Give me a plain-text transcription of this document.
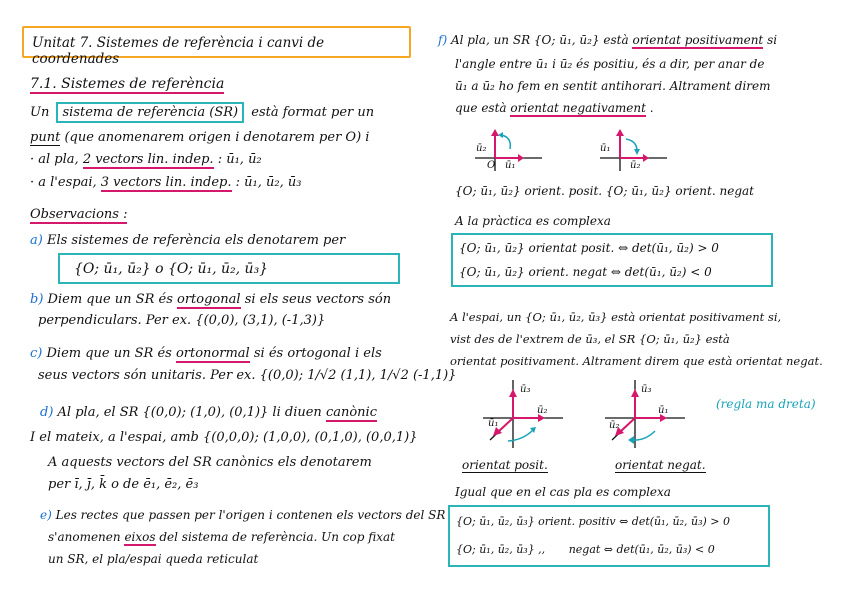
Unitat 7. Sistemes de referència i canvi de coordenades
7.1. Sistemes de referència
Un sistema de referència (SR) està format per un
punt (que anomenarem origen i denotarem per O) i
· al pla, 2 vectors lin. indep. : ū₁, ū₂
· a l'espai, 3 vectors lin. indep. : ū₁, ū₂, ū₃
Observacions :
a) Els sistemes de referència els denotarem per
{O; ū₁, ū₂} o {O; ū₁, ū₂, ū₃}
b) Diem que un SR és ortogonal si els seus vectors són
perpendiculars. Per ex. {(0,0), (3,1), (-1,3)}
c) Diem que un SR és ortonormal si és ortogonal i els
seus vectors són unitaris. Per ex. {(0,0); 1/√2 (1,1), 1/√2 (-1,1)}
d) Al pla, el SR {(0,0); (1,0), (0,1)} li diuen canònic
I el mateix, a l'espai, amb {(0,0,0); (1,0,0), (0,1,0), (0,0,1)}
A aquests vectors del SR canònics els denotarem
per ī, j̄, k̄ o de ē₁, ē₂, ē₃
e) Les rectes que passen per l'origen i contenen els vectors del SR
s'anomenen eixos del sistema de referència. Un cop fixat
un SR, el pla/espai queda reticulat
f) Al pla, un SR {O; ū₁, ū₂} està orientat positivament si
l'angle entre ū₁ i ū₂ és positiu, és a dir, per anar de
ū₁ a ū₂ ho fem en sentit antihorari. Altrament direm
que està orientat negativament .
ū₂
ū₁
O
ū₁
ū₂
{O; ū₁, ū₂} orient. posit. {O; ū₁, ū₂} orient. negat
A la pràctica es complexa
{O; ū₁, ū₂} orientat posit. ⇔ det(ū₁, ū₂) > 0
{O; ū₁, ū₂} orient. negat ⇔ det(ū₁, ū₂) < 0
A l'espai, un {O; ū₁, ū₂, ū₃} està orientat positivament si,
vist des de l'extrem de ū₃, el SR {O; ū₁, ū₂} està
orientat positivament. Altrament direm que està orientat negat.
ū₃
ū₂
ū₁
ū₃
ū₁
ū₂
(regla ma dreta)
orientat posit.	orientat negat.
Igual que en el cas pla es complexa
{O; ū₁, ū₂, ū₃} orient. positiv ⇔ det(ū₁, ū₂, ū₃) > 0
{O; ū₁, ū₂, ū₃} ,, negat ⇔ det(ū₁, ū₂, ū₃) < 0
